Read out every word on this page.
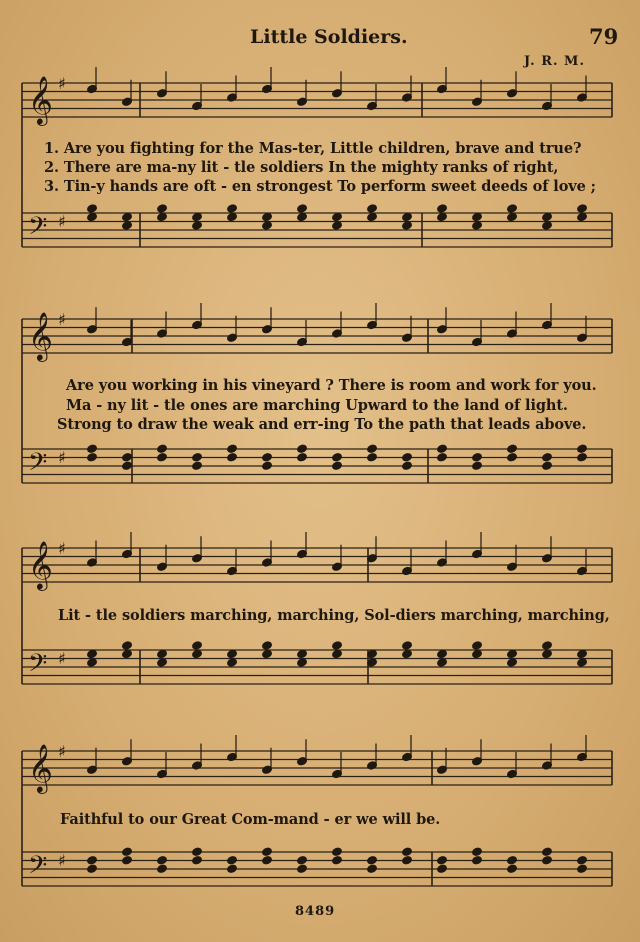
Little Soldiers.	79
J. R. M.
𝄞 ♯
𝄢 ♯
𝄞 ♯
𝄢 ♯
𝄞 ♯
𝄢 ♯
𝄞 ♯
𝄢 ♯
1. Are you fighting for the Mas-ter, Little children, brave and true?
2. There are ma-ny lit - tle soldiers In the mighty ranks of right,
3. Tin-y hands are oft - en strongest To perform sweet deeds of love ;
Are you working in his vineyard ? There is room and work for you.
Ma - ny lit - tle ones are marching Upward to the land of light.
Strong to draw the weak and err-ing To the path that leads above.
Lit - tle soldiers marching, marching, Sol-diers marching, marching,
Faithful to our Great Com-mand - er we will be.
8489
